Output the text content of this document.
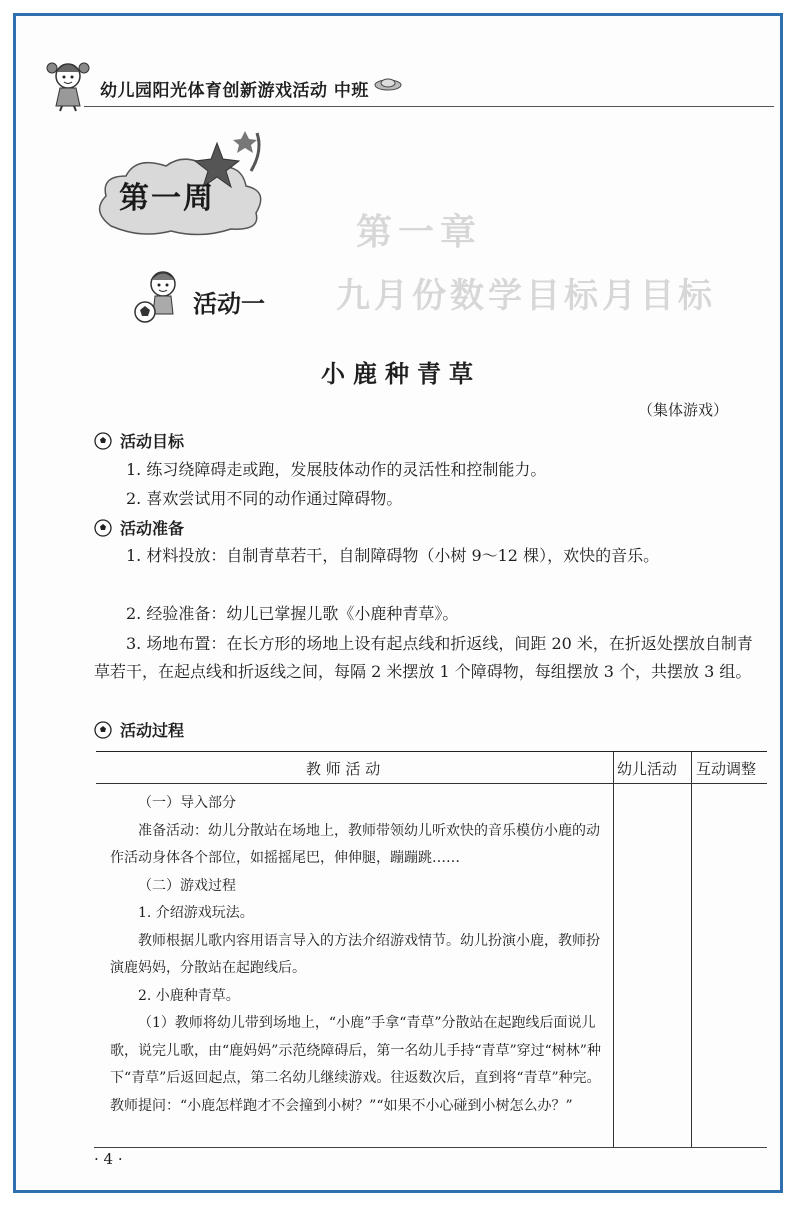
幼儿园阳光体育创新游戏活动 中班
第一章
九月份数学目标月目标
第一周
活动一
小鹿种青草
（集体游戏）
活动目标
1. 练习绕障碍走或跑，发展肢体动作的灵活性和控制能力。
2. 喜欢尝试用不同的动作通过障碍物。
活动准备
1. 材料投放：自制青草若干，自制障碍物（小树 9～12 棵），欢快的音乐。
2. 经验准备：幼儿已掌握儿歌《小鹿种青草》。
3. 场地布置：在长方形的场地上设有起点线和折返线，间距 20 米，在折返处摆放自制青草若干，在起点线和折返线之间，每隔 2 米摆放 1 个障碍物，每组摆放 3 个，共摆放 3 组。
活动过程
教 师 活 动	幼儿活动 互动调整

（一）导入部分

准备活动：幼儿分散站在场地上，教师带领幼儿听欢快的音乐模仿小鹿的动作活动身体各个部位，如摇摇尾巴，伸伸腿，蹦蹦跳……

（二）游戏过程

1. 介绍游戏玩法。

教师根据儿歌内容用语言导入的方法介绍游戏情节。幼儿扮演小鹿，教师扮演鹿妈妈，分散站在起跑线后。

2. 小鹿种青草。

（1）教师将幼儿带到场地上，“小鹿”手拿“青草”分散站在起跑线后面说儿歌，说完儿歌，由“鹿妈妈”示范绕障碍后，第一名幼儿手持“青草”穿过“树林”种下“青草”后返回起点，第二名幼儿继续游戏。往返数次后，直到将“青草”种完。教师提问：“小鹿怎样跑才不会撞到小树？”“如果不小心碰到小树怎么办？”

· 4 ·
